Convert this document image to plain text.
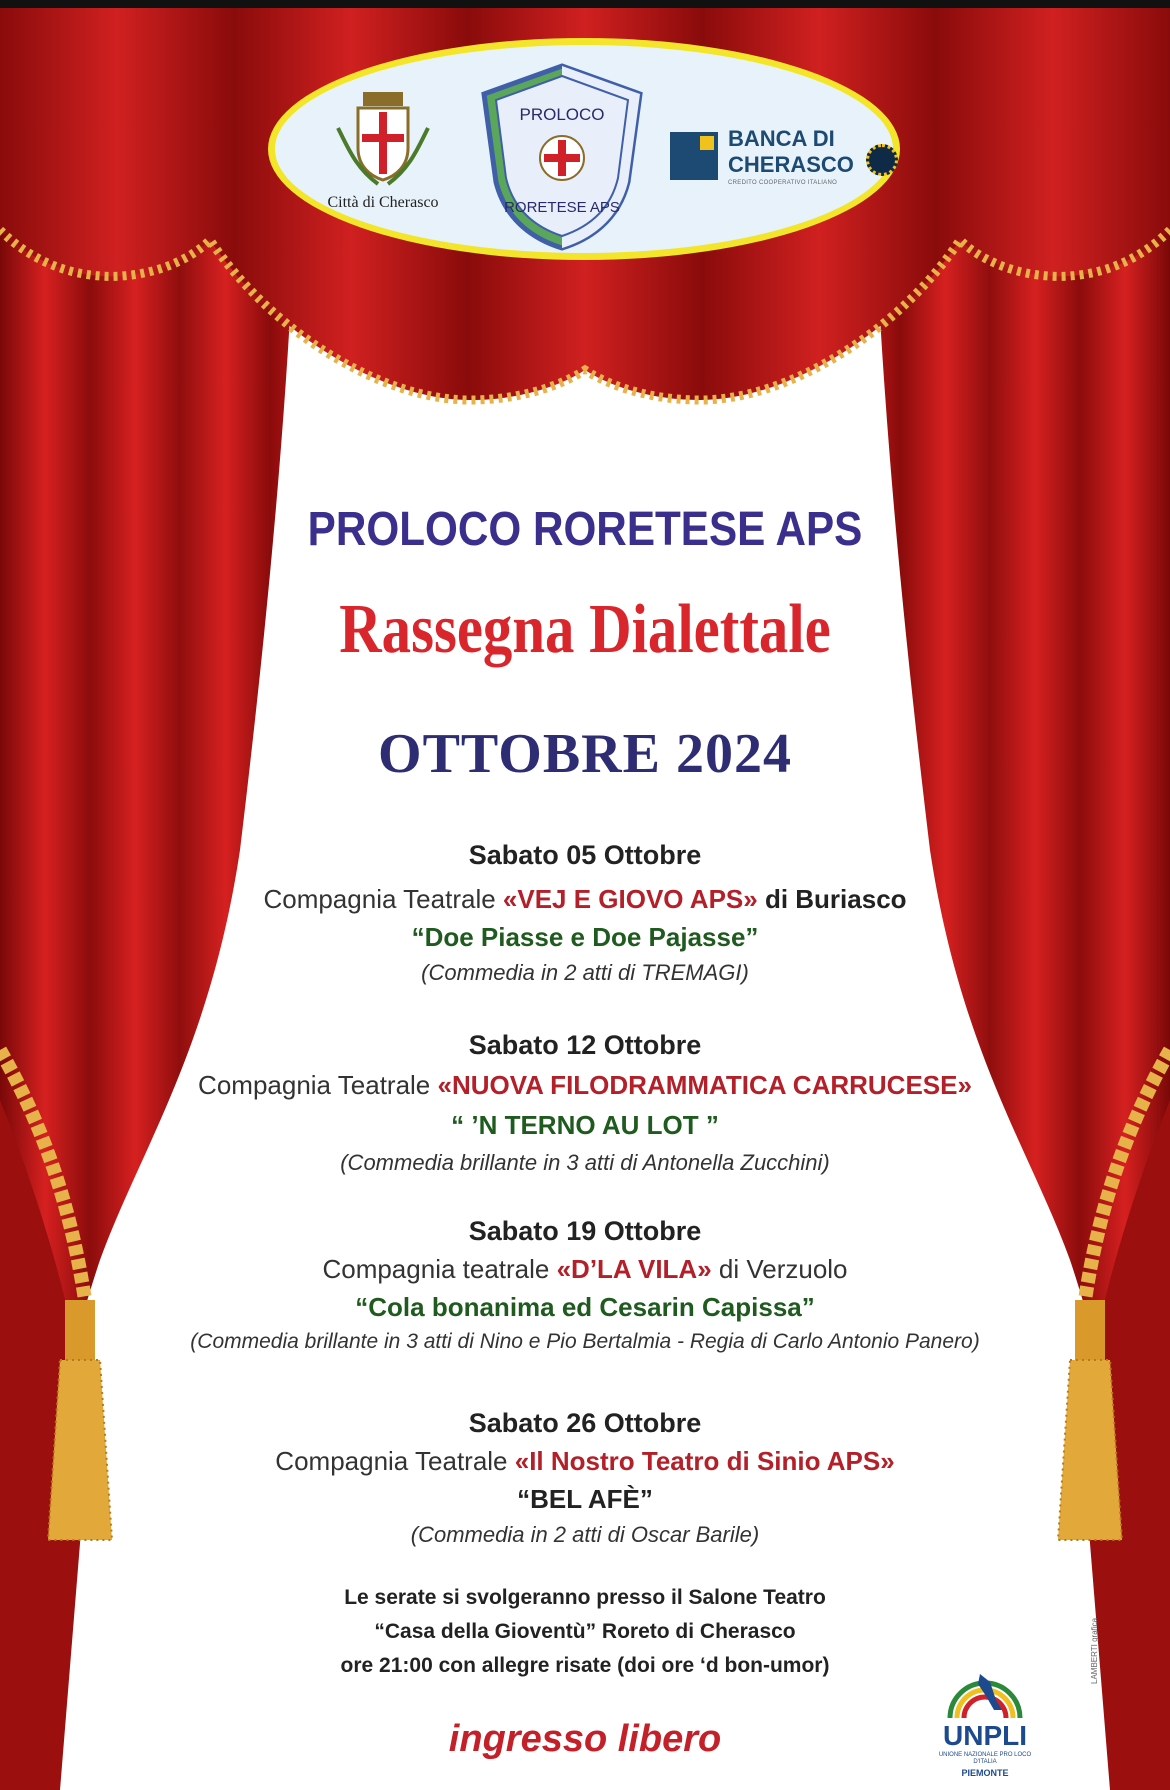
Città di Cherasco
PROLOCO
RORETESE APS
BANCA DI CHERASCO
CREDITO COOPERATIVO ITALIANO
PROLOCO RORETESE APS
Rassegna Dialettale
OTTOBRE 2024
Sabato 05 Ottobre
Compagnia Teatrale «VEJ E GIOVO APS» di Buriasco
“Doe Piasse e Doe Pajasse”
(Commedia in 2 atti di TREMAGI)
Sabato 12 Ottobre
Compagnia Teatrale «NUOVA FILODRAMMATICA CARRUCESE»
“ ’N TERNO AU LOT ”
(Commedia brillante in 3 atti di Antonella Zucchini)
Sabato 19 Ottobre
Compagnia teatrale «D’LA VILA» di Verzuolo
“Cola bonanima ed Cesarin Capissa”
(Commedia brillante in 3 atti di Nino e Pio Bertalmia - Regia di Carlo Antonio Panero)
Sabato 26 Ottobre
Compagnia Teatrale «Il Nostro Teatro di Sinio APS»
“BEL AFÈ”
(Commedia in 2 atti di Oscar Barile)
Le serate si svolgeranno presso il Salone Teatro
“Casa della Gioventù” Roreto di Cherasco
ore 21:00 con allegre risate (doi ore ‘d bon-umor)
ingresso libero	UNPLI
UNIONE NAZIONALE PRO LOCO D'ITALIA
PIEMONTE
LAMBERTI grafica
